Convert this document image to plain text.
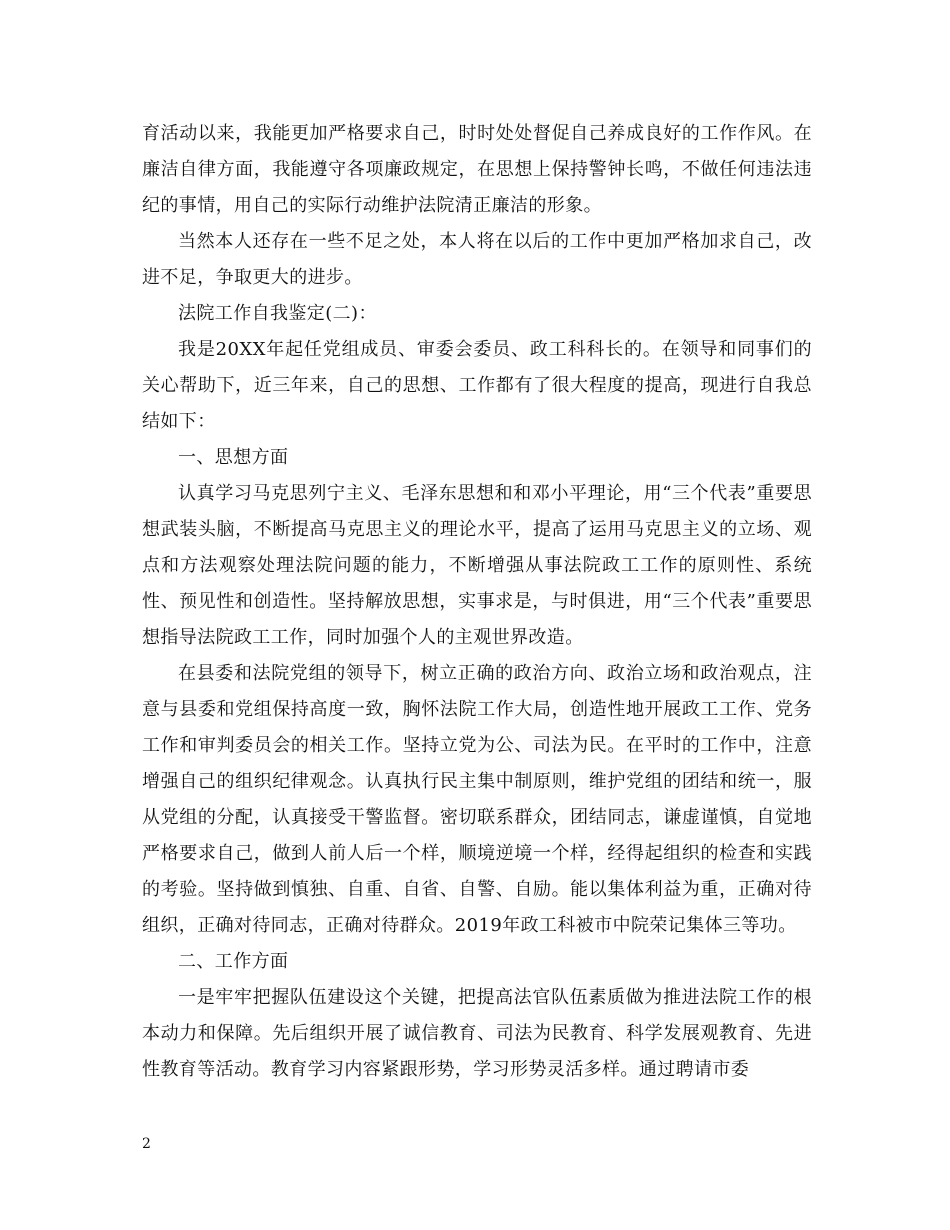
育活动以来，我能更加严格要求自己，时时处处督促自己养成良好的工作作风。在廉洁自律方面，我能遵守各项廉政规定，在思想上保持警钟长鸣，不做任何违法违纪的事情，用自己的实际行动维护法院清正廉洁的形象。

当然本人还存在一些不足之处，本人将在以后的工作中更加严格加求自己，改进不足，争取更大的进步。

法院工作自我鉴定(二)：

我是20XX年起任党组成员、审委会委员、政工科科长的。在领导和同事们的关心帮助下，近三年来，自己的思想、工作都有了很大程度的提高，现进行自我总结如下：

一、思想方面

认真学习马克思列宁主义、毛泽东思想和和邓小平理论，用“三个代表”重要思想武装头脑，不断提高马克思主义的理论水平，提高了运用马克思主义的立场、观点和方法观察处理法院问题的能力，不断增强从事法院政工工作的原则性、系统性、预见性和创造性。坚持解放思想，实事求是，与时俱进，用“三个代表”重要思想指导法院政工工作，同时加强个人的主观世界改造。

在县委和法院党组的领导下，树立正确的政治方向、政治立场和政治观点，注意与县委和党组保持高度一致，胸怀法院工作大局，创造性地开展政工工作、党务工作和审判委员会的相关工作。坚持立党为公、司法为民。在平时的工作中，注意增强自己的组织纪律观念。认真执行民主集中制原则，维护党组的团结和统一，服从党组的分配，认真接受干警监督。密切联系群众，团结同志，谦虚谨慎，自觉地严格要求自己，做到人前人后一个样，顺境逆境一个样，经得起组织的检查和实践的考验。坚持做到慎独、自重、自省、自警、自励。能以集体利益为重，正确对待组织，正确对待同志，正确对待群众。2019年政工科被市中院荣记集体三等功。

二、工作方面

一是牢牢把握队伍建设这个关键，把提高法官队伍素质做为推进法院工作的根本动力和保障。先后组织开展了诚信教育、司法为民教育、科学发展观教育、先进性教育等活动。教育学习内容紧跟形势，学习形势灵活多样。通过聘请市委

2
